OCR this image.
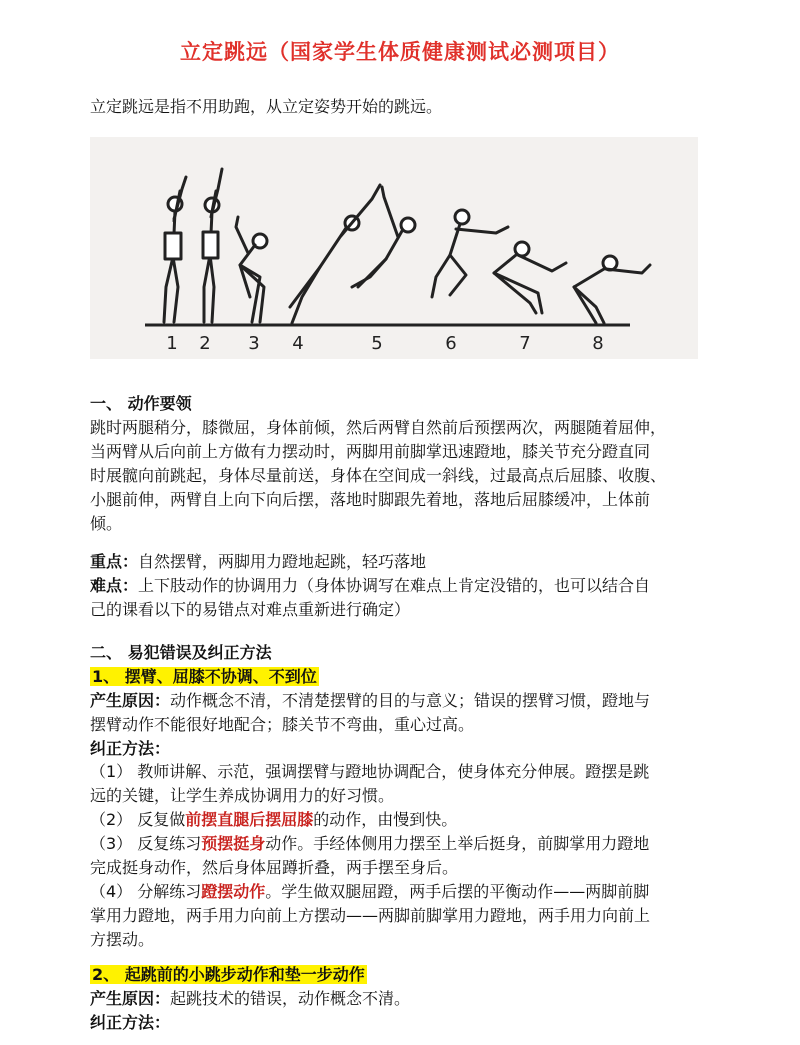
立定跳远（国家学生体质健康测试必测项目）
立定跳远是指不用助跑，从立定姿势开始的跳远。
1 2 3 4	5	6	7	8
一、 动作要领
跳时两腿稍分，膝微屈，身体前倾，然后两臂自然前后预摆两次，两腿随着屈伸，
当两臂从后向前上方做有力摆动时，两脚用前脚掌迅速蹬地，膝关节充分蹬直同
时展髋向前跳起，身体尽量前送，身体在空间成一斜线，过最高点后屈膝、收腹、
小腿前伸，两臂自上向下向后摆，落地时脚跟先着地，落地后屈膝缓冲，上体前
倾。
重点：自然摆臂，两脚用力蹬地起跳，轻巧落地
难点：上下肢动作的协调用力（身体协调写在难点上肯定没错的，也可以结合自
己的课看以下的易错点对难点重新进行确定）
二、 易犯错误及纠正方法
1、 摆臂、屈膝不协调、不到位
产生原因：动作概念不清，不清楚摆臂的目的与意义；错误的摆臂习惯，蹬地与
摆臂动作不能很好地配合；膝关节不弯曲，重心过高。
纠正方法：
（1） 教师讲解、示范，强调摆臂与蹬地协调配合，使身体充分伸展。蹬摆是跳
远的关键，让学生养成协调用力的好习惯。
（2） 反复做前摆直腿后摆屈膝的动作，由慢到快。
（3） 反复练习预摆挺身动作。手经体侧用力摆至上举后挺身，前脚掌用力蹬地
完成挺身动作，然后身体屈蹲折叠，两手摆至身后。
（4） 分解练习蹬摆动作。学生做双腿屈蹬，两手后摆的平衡动作——两脚前脚
掌用力蹬地，两手用力向前上方摆动——两脚前脚掌用力蹬地，两手用力向前上
方摆动。
2、 起跳前的小跳步动作和垫一步动作
产生原因：起跳技术的错误，动作概念不清。
纠正方法：
